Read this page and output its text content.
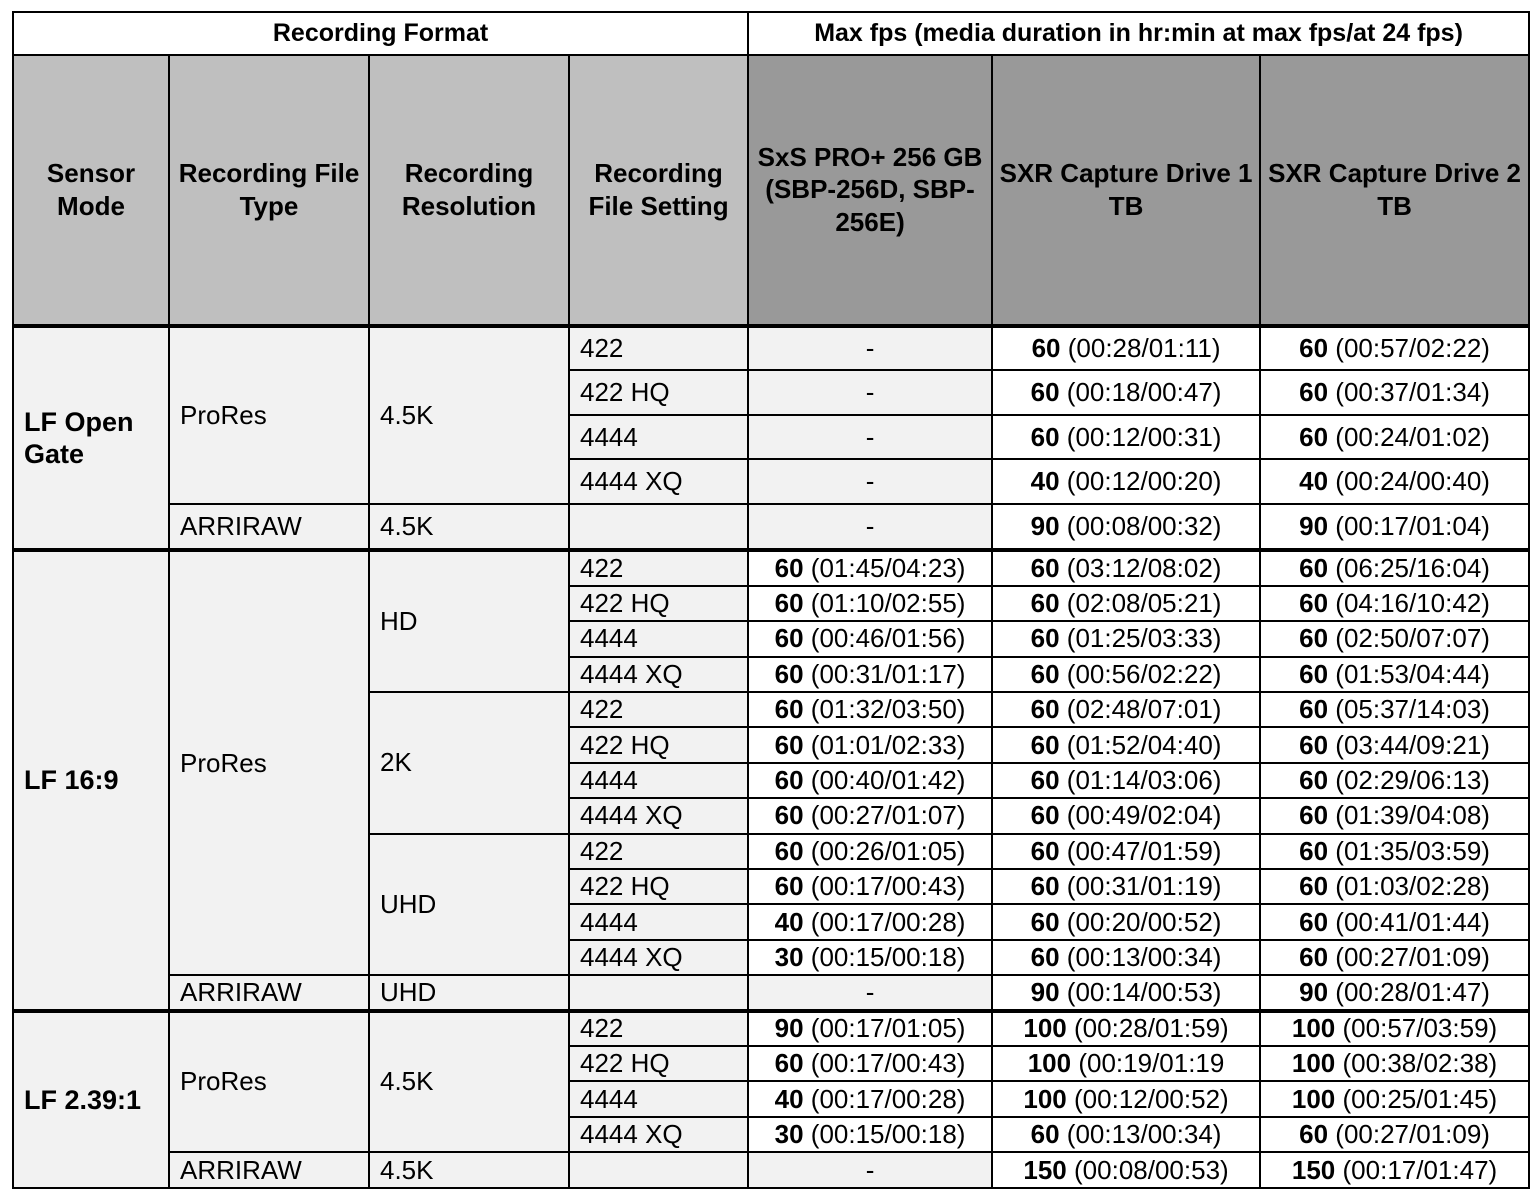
Recording Format				Max fps (media duration in hr:min at max fps/at 24 fps)		
Sensor Mode	Recording File Type	Recording Resolution	Recording File Setting	SxS PRO+ 256 GB (SBP-256D, SBP-256E)	SXR Capture Drive 1 TB	SXR Capture Drive 2 TB
LF Open Gate	ProRes	4.5K	422	-	60 (00:28/01:11)	60 (00:57/02:22)
			422 HQ	-	60 (00:18/00:47)	60 (00:37/01:34)
			4444	-	60 (00:12/00:31)	60 (00:24/01:02)
			4444 XQ	-	40 (00:12/00:20)	40 (00:24/00:40)
	ARRIRAW	4.5K		-	90 (00:08/00:32)	90 (00:17/01:04)
LF 16:9	ProRes	HD	422	60 (01:45/04:23)	60 (03:12/08:02)	60 (06:25/16:04)
			422 HQ	60 (01:10/02:55)	60 (02:08/05:21)	60 (04:16/10:42)
			4444	60 (00:46/01:56)	60 (01:25/03:33)	60 (02:50/07:07)
			4444 XQ	60 (00:31/01:17)	60 (00:56/02:22)	60 (01:53/04:44)
		2K	422	60 (01:32/03:50)	60 (02:48/07:01)	60 (05:37/14:03)
			422 HQ	60 (01:01/02:33)	60 (01:52/04:40)	60 (03:44/09:21)
			4444	60 (00:40/01:42)	60 (01:14/03:06)	60 (02:29/06:13)
			4444 XQ	60 (00:27/01:07)	60 (00:49/02:04)	60 (01:39/04:08)
		UHD	422	60 (00:26/01:05)	60 (00:47/01:59)	60 (01:35/03:59)
			422 HQ	60 (00:17/00:43)	60 (00:31/01:19)	60 (01:03/02:28)
			4444	40 (00:17/00:28)	60 (00:20/00:52)	60 (00:41/01:44)
			4444 XQ	30 (00:15/00:18)	60 (00:13/00:34)	60 (00:27/01:09)
	ARRIRAW	UHD		-	90 (00:14/00:53)	90 (00:28/01:47)
LF 2.39:1	ProRes	4.5K	422	90 (00:17/01:05)	100 (00:28/01:59)	100 (00:57/03:59)
			422 HQ	60 (00:17/00:43)	100 (00:19/01:19	100 (00:38/02:38)
			4444	40 (00:17/00:28)	100 (00:12/00:52)	100 (00:25/01:45)
			4444 XQ	30 (00:15/00:18)	60 (00:13/00:34)	60 (00:27/01:09)
	ARRIRAW	4.5K		-	150 (00:08/00:53)	150 (00:17/01:47)
